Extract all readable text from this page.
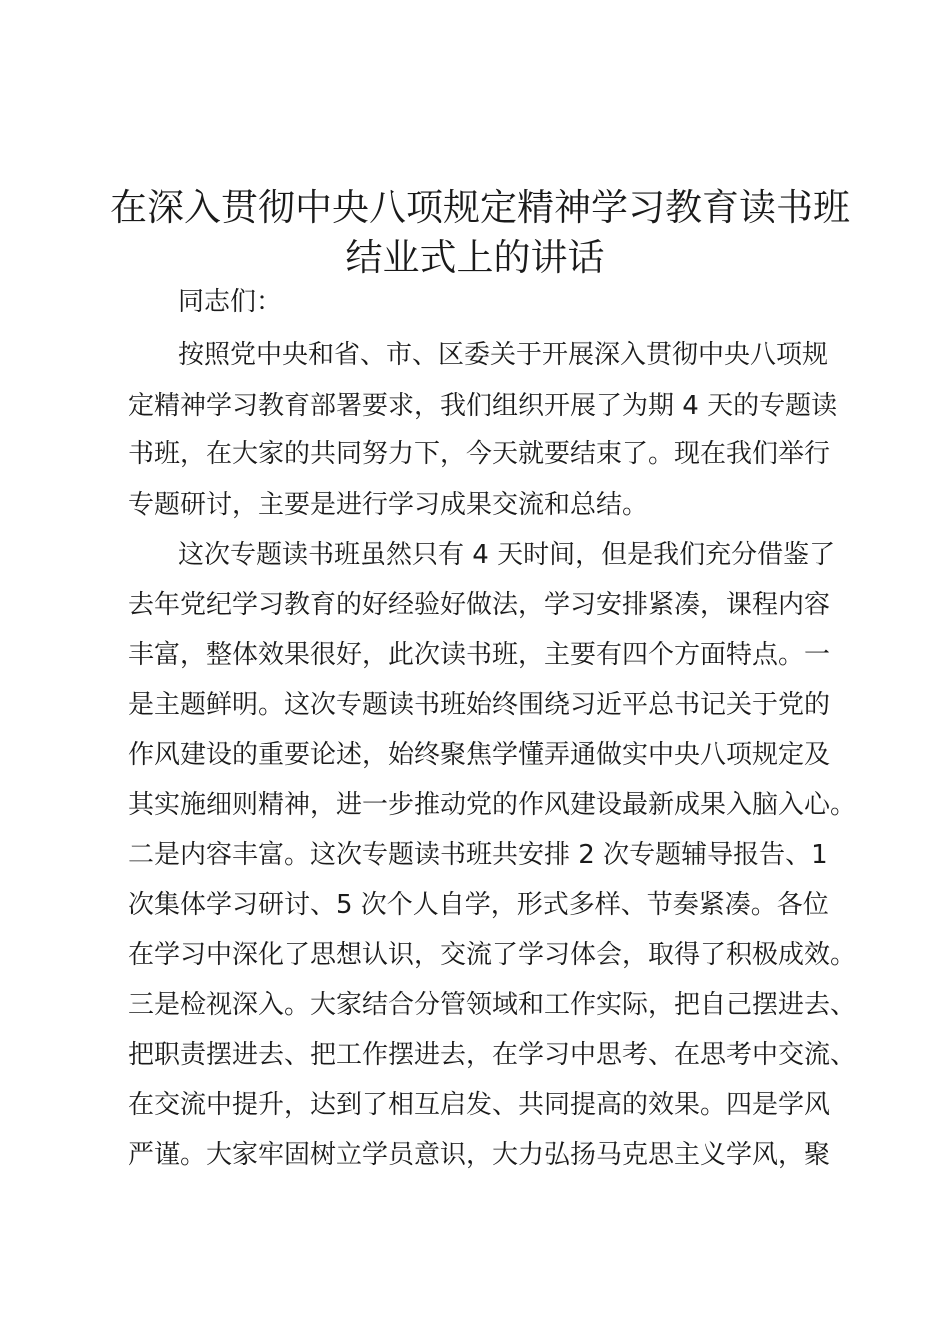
在深入贯彻中央八项规定精神学习教育读书班
结业式上的讲话

同志们：

按照党中央和省、市、区委关于开展深入贯彻中央八项规

定精神学习教育部署要求，我们组织开展了为期 4 天的专题读

书班，在大家的共同努力下，今天就要结束了。现在我们举行

专题研讨，主要是进行学习成果交流和总结。

这次专题读书班虽然只有 4 天时间，但是我们充分借鉴了

去年党纪学习教育的好经验好做法，学习安排紧凑，课程内容

丰富，整体效果很好，此次读书班，主要有四个方面特点。一

是主题鲜明。这次专题读书班始终围绕习近平总书记关于党的

作风建设的重要论述，始终聚焦学懂弄通做实中央八项规定及

其实施细则精神，进一步推动党的作风建设最新成果入脑入心。

二是内容丰富。这次专题读书班共安排 2 次专题辅导报告、1

次集体学习研讨、5 次个人自学，形式多样、节奏紧凑。各位

在学习中深化了思想认识，交流了学习体会，取得了积极成效。

三是检视深入。大家结合分管领域和工作实际，把自己摆进去、

把职责摆进去、把工作摆进去，在学习中思考、在思考中交流、

在交流中提升，达到了相互启发、共同提高的效果。四是学风

严谨。大家牢固树立学员意识，大力弘扬马克思主义学风，聚
